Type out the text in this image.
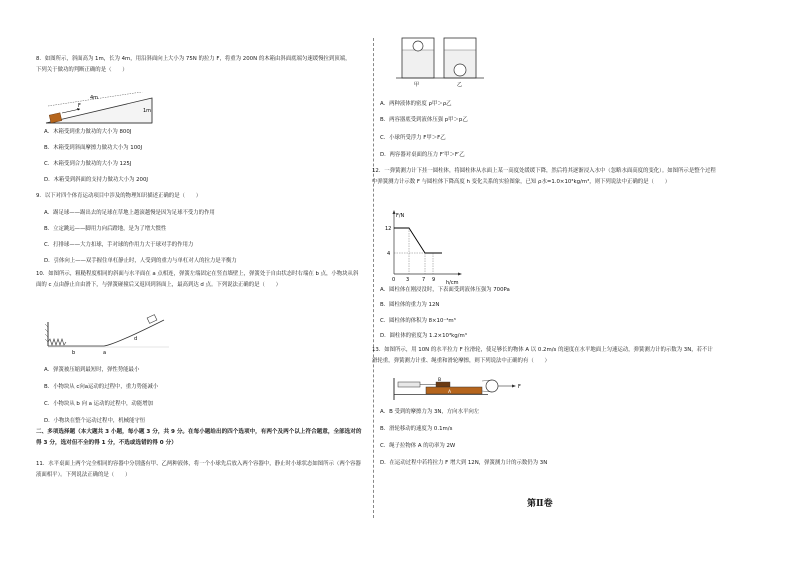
8．如图所示，斜面高为 1m，长为 4m，用沿斜面向上大小为 75N 的拉力 F，将重为 200N 的木箱由斜面底端匀速缓慢拉到顶端，下列关于做功的判断正确的是（　　）
F
4m
1m
A．木箱受到重力做功的大小为 800J
B．木箱受到斜面摩擦力做功大小为 100J
C．木箱受到合力做功的大小为 125J
D．木箱受到斜面的支持力做功大小为 200J
9．以下对四个体育运动项目中涉及的物理知识描述正确的是（　　）
A．踢足球——踢出去的足球在草地上越滚越慢是因为足球不受力的作用
B．立定跳远——脚用力向后蹬地，是为了增大惯性
C．打排球——大力扣球，手对球的作用力大于球对手的作用力
D．引体向上——双手握住单杠静止时，人受到的重力与单杠对人的拉力是平衡力
10．如图所示，粗糙程度相同的斜面与水平面在 a 点相连，弹簧左端固定在竖直墙壁上，弹簧处于自由状态时右端在 b 点，小物块从斜面的 c 点由静止自由滑下，与弹簧碰撞后又返回到斜面上，最高到达 d 点。下列说法正确的是（　　）
b	a
d
A．弹簧被压缩到最短时，弹性势能最小
B．小物块从 c向a运动的过程中，重力势能减小
C．小物块从 b 向 a 运动的过程中，动能增加
D．小物块在整个运动过程中，机械能守恒
二、多项选择题（本大题共 3 小题，每小题 3 分，共 9 分。在每小题给出的四个选项中，有两个及两个以上符合题意，全部选对的得 3 分，选对但不全的得 1 分，不选或选错的得 0 分）
11．水平桌面上两个完全相同的容器中分别盛有甲、乙两种液体，将一个小球先后放入两个容器中，静止时小球状态如图所示（两个容器液面相平）。下列说法正确的是（　　）
甲	乙
A．两种液体的密度 ρ甲＞ρ乙
B．两容器底受到液体压强 p甲＞p乙
C．小球所受浮力 F甲＞F乙
D．两容器对桌面的压力 F′甲＞F′乙
12．一弹簧测力计下挂一圆柱体，将圆柱体从水面上某一高度处缓缓下降，然后将其逐渐浸入水中（忽略水面高度的变化）。如图所示是整个过程中弹簧测力计示数 F 与圆柱体下降高度 h 变化关系的实验图象，已知 ρ水=1.0×10³kg/m³，则下列说法中正确的是（　　）
F/N
h/cm
12
4
0 3	7 9
A．圆柱体在刚浸没时，下表面受到液体压强为 700Pa
B．圆柱体的重力为 12N
C．圆柱体的体积为 8×10⁻⁴m³
D．圆柱体的密度为 1.2×10³kg/m³
13．如图所示，用 10N 的水平拉力 F 拉滑轮，使足够长的物体 A 以 0.2m/s 的速度在水平地面上匀速运动，弹簧测力计的示数为 3N，若不计滑轮重，弹簧测力计重、绳重和滑轮摩擦，则下列说法中正确的有（　　）
B
A
F
A．B 受到的摩擦力为 3N，方向水平向左
B．滑轮移动的速度为 0.1m/s
C．绳子拉物体 A 的功率为 2W
D．在运动过程中若将拉力 F 增大到 12N，弹簧测力计的示数仍为 3N
第Ⅱ卷
